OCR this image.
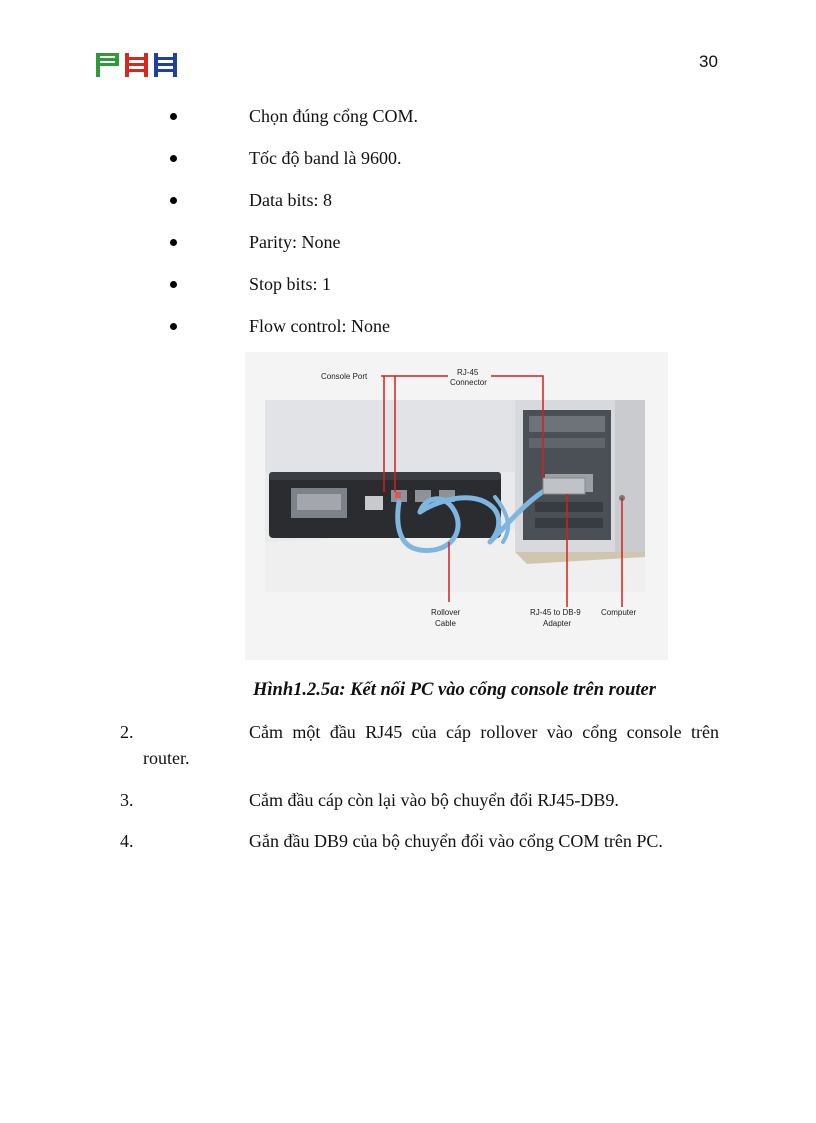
30
Chọn đúng cổng COM.
Tốc độ band là 9600.
Data bits: 8
Parity: None
Stop bits: 1
Flow control: None
Console Port	RJ-45
Connector
Rollover
Cable
RJ-45 to DB-9
Adapter
Computer
Hình1.2.5a: Kết nối PC vào cổng console trên router
2.	Cắm một đầu RJ45 của cáp rollover vào cổng console trên
router.
3.	Cắm đầu cáp còn lại vào bộ chuyển đổi RJ45-DB9.
4.	Gắn đầu DB9 của bộ chuyển đổi vào cổng COM trên PC.
